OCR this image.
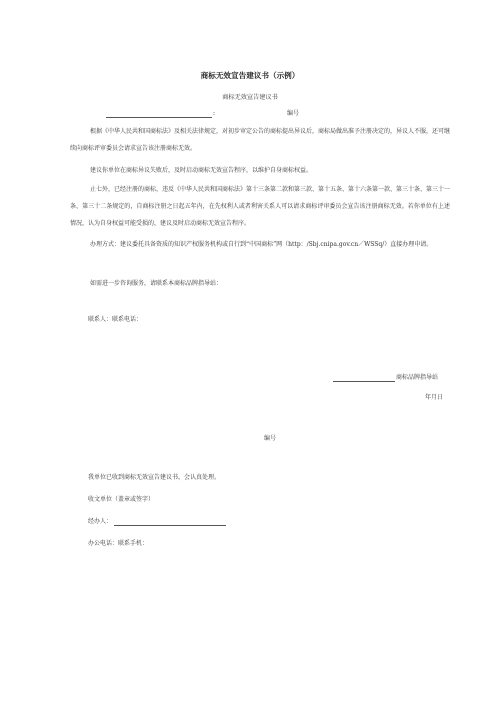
商标无效宣告建议书（示例）
商标无效宣告建议书
:	编号
根据《中华人民共和国商标法》及相关法律规定，对初步审定公告的商标提出异议后，商标局做出准予注册决定的，异议人不服，还可继续向商标评审委员会请求宣告该注册商标无效。
建议你单位在商标异议失败后，及时启动商标无效宣告程序，以维护自身商标权益。
止七外，已经注册的商标，违反《中华人民共和国商标法》第十三条第二款和第三款、第十五条、第十六条第一款、第三十条、第三十一条、第三十二条规定的，自商标注册之日起五年内，在先权利人或者利害关系人可以请求商标评审委员会宣告该注册商标无效。若你单位有上述情况，认为自身权益可能受损的，建议及时启动商标无效宣告程序。
办理方式：建议委托具备资质的知识产权服务机构或自行到“中国商标”网（http：∕Sbj.cnipa.gov.cn／WSSq/）直接办理申请。
如需进一步咨询服务，请联系本商标品牌指导站：
联系人：联系电话：
商标品牌指导站
年月日
编号
我单位已收到商标无效宣告建议书，会认真处理。
收文单位（盖章或签字）
经办人：
办公电话：联系手机：
